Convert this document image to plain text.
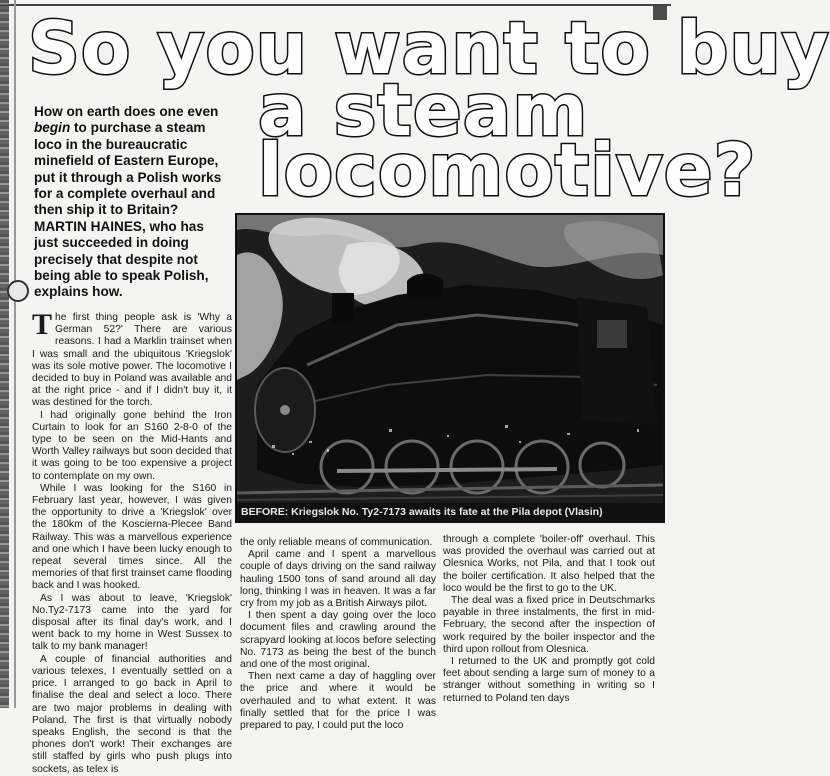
So you want to buy
a steam
locomotive?
How on earth does one even begin to purchase a steam loco in the bureaucratic minefield of Eastern Europe, put it through a Polish works for a complete overhaul and then ship it to Britain? MARTIN HAINES, who has just succeeded in doing precisely that despite not being able to speak Polish, explains how.
BEFORE: Kriegslok No. Ty2-7173 awaits its fate at the Pila depot (Vlasin)

The first thing people ask is 'Why a German 52?' There are various reasons. I had a Marklin trainset when I was small and the ubiquitous 'Kriegslok' was its sole motive power. The locomotive I decided to buy in Poland was available and at the right price - and if I didn't buy it, it was destined for the torch.

I had originally gone behind the Iron Curtain to look for an S160 2-8-0 of the type to be seen on the Mid-Hants and Worth Valley railways but soon decided that it was going to be too expensive a project to contemplate on my own.

While I was looking for the S160 in February last year, however, I was given the opportunity to drive a 'Kriegslok' over the 180km of the Koscierna-Plecee Band Railway. This was a marvellous experience and one which I have been lucky enough to repeat several times since. All the memories of that first trainset came flooding back and I was hooked.

As I was about to leave, 'Kriegslok' No.Ty2-7173 came into the yard for disposal after its final day's work, and I went back to my home in West Sussex to talk to my bank manager!

A couple of financial authorities and various telexes, I eventually settled on a price. I arranged to go back in April to finalise the deal and select a loco. There are two major problems in dealing with Poland. The first is that virtually nobody speaks English, the second is that the phones don't work! Their exchanges are still staffed by girls who push plugs into sockets, as telex is

the only reliable means of communication.

April came and I spent a marvellous couple of days driving on the sand railway hauling 1500 tons of sand around all day long, thinking I was in heaven. It was a far cry from my job as a British Airways pilot.

I then spent a day going over the loco document files and crawling around the scrapyard looking at locos before selecting No. 7173 as being the best of the bunch and one of the most original.

Then next came a day of haggling over the price and where it would be overhauled and to what extent. It was finally settled that for the price I was prepared to pay, I could put the loco

through a complete 'boiler-off' overhaul. This was provided the overhaul was carried out at Olesnica Works, not Pila, and that I took out the boiler certification. It also helped that the loco would be the first to go to the UK.

The deal was a fixed price in Deutschmarks payable in three instalments, the first in mid-February, the second after the inspection of work required by the boiler inspector and the third upon rollout from Olesnica.

I returned to the UK and promptly got cold feet about sending a large sum of money to a stranger without something in writing so I returned to Poland ten days
